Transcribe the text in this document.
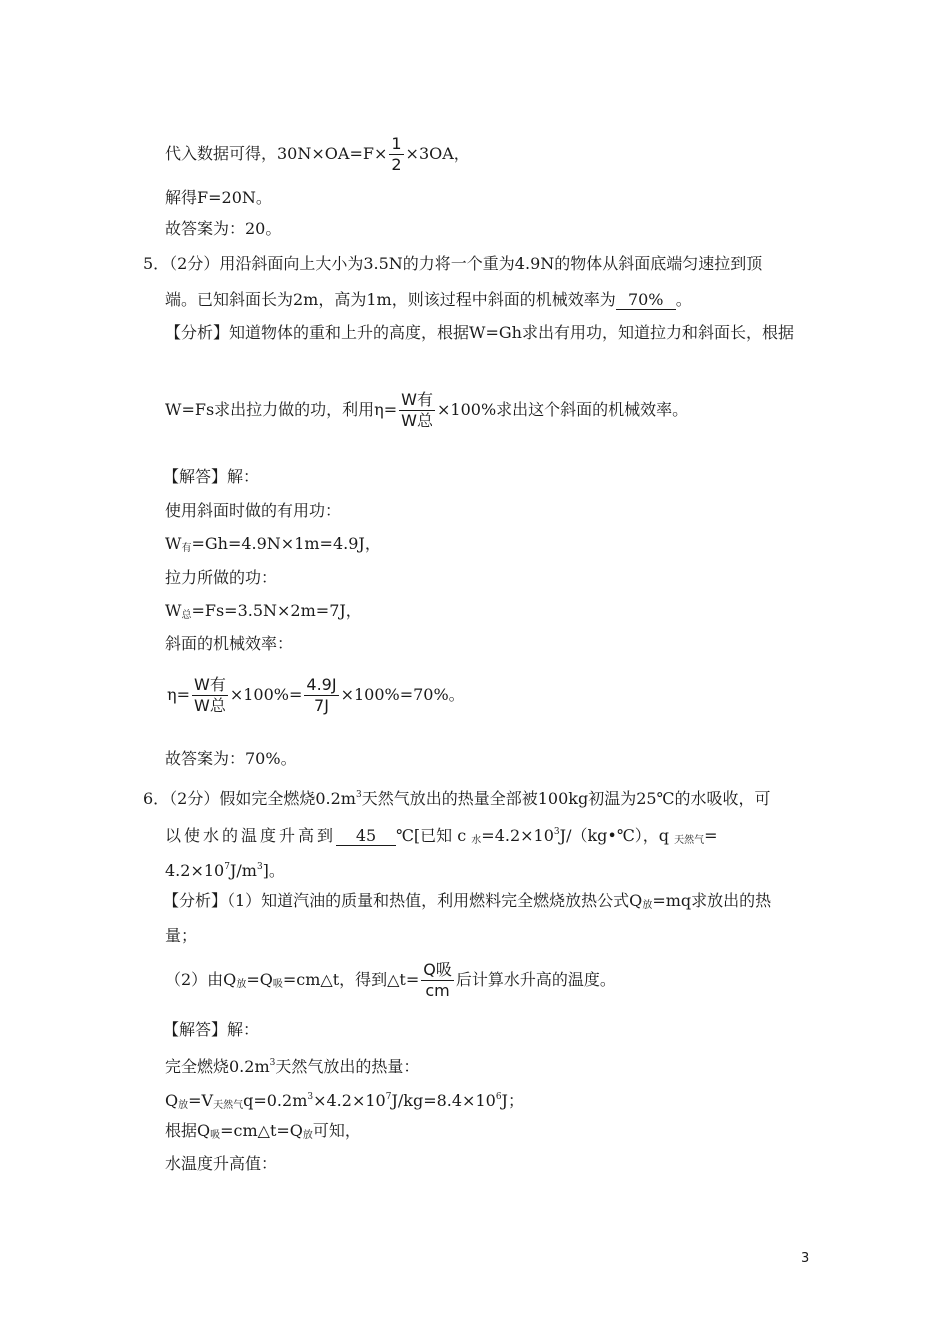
代入数据可得，$30N\times OA=F\times \frac{1}{2} \times 3OA$，
解得F=20N。
故答案为：20。
5．（2分）用沿斜面向上大小为3.5N的力将一个重为4.9N的物体从斜面底端匀速拉到顶
端。已知斜面长为2m，高为1m，则该过程中斜面的机械效率为 70% 。
【分析】知道物体的重和上升的高度，根据W=Gh求出有用功，知道拉力和斜面长，根据
W=Fs求出拉力做的功，利用$\eta= \frac{\text{W有}}{\text{W总}} \times 100\%$求出这个斜面的机械效率。
【解答】解：
使用斜面时做的有用功：
$W_有=Gh=4.9N\times 1m=4.9J$，
拉力所做的功：
$W_总=Fs=3.5N\times 2m=7J$，
斜面的机械效率：
$\eta= \frac{\text{W有}}{\text{W总}} \times 100\%= \frac{4.9J}{7J} \times 100\%=70\%$。
故答案为：70%。
6．（2分）假如完全燃烧$0.2m^3$天然气放出的热量全部被100kg初温为25℃的水吸收，可
以使水的温度升高到 45 ℃[已知 c $_水=4.2\times 10^3J/(kg•℃)$，q $_{天然气}$=
$4.2\times 10^7J/m^3$]。
【分析】（1）知道汽油的质量和热值，利用燃料完全燃烧放热公式$Q_放=mq$求放出的热
量；
（2）由$Q_放=Q_吸=cm\triangle t$，得到△t= $\frac{\text{Q吸}}{cm}$ 后计算水升高的温度。
【解答】解：
完全燃烧$0.2m^3$天然气放出的热量：
$Q_放=V_{天然气}q=0.2m^3\times 4.2\times 10^7J/kg=8.4\times 10^6J$；
根据$Q_吸=cm\triangle t=Q_放$可知，
水温度升高值：
3
